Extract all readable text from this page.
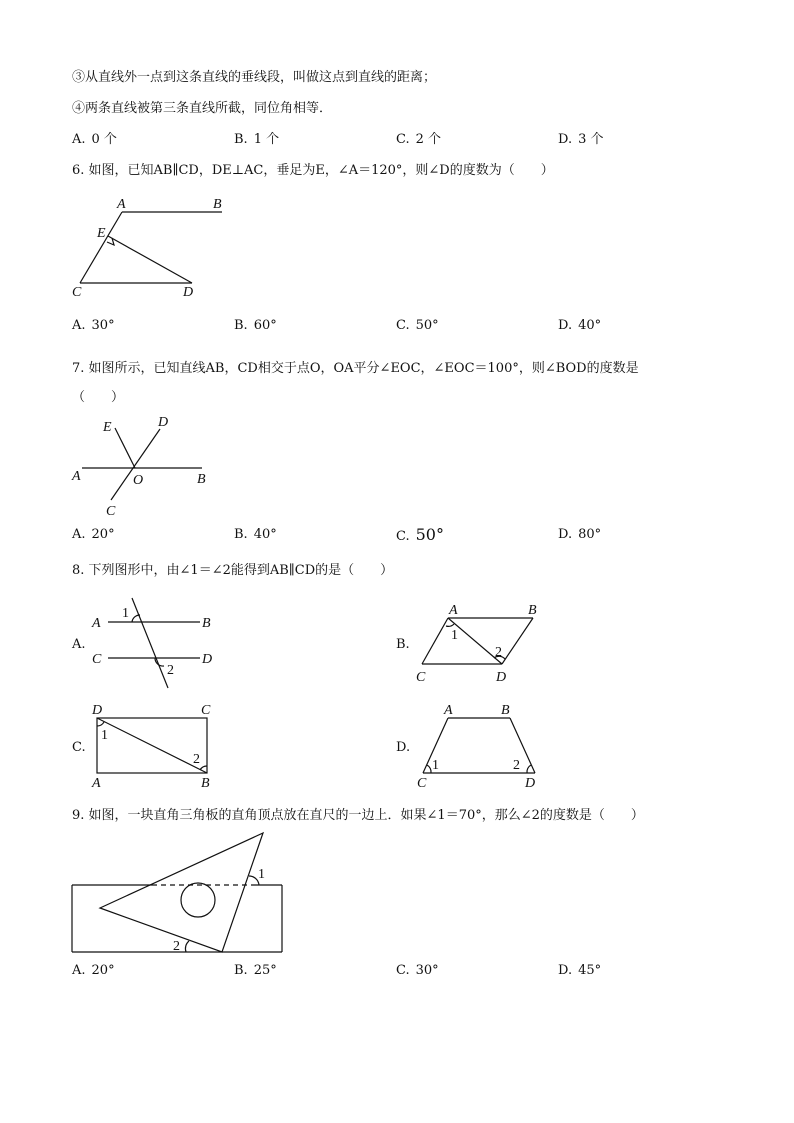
③从直线外一点到这条直线的垂线段，叫做这点到直线的距离；
④两条直线被第三条直线所截，同位角相等．
A. 0 个	B. 1 个	C. 2 个	D. 3 个
6. 如图，已知AB∥CD，DE⊥AC，垂足为E，∠A＝120°，则∠D的度数为（　　）
A	B
E
C	D
A. 30°	B. 60°	C. 50°	D. 40°
7. 如图所示，已知直线AB，CD相交于点O，OA平分∠EOC，∠EOC＝100°，则∠BOD的度数是
（　　）
E	D
A	O	B
C
A. 20°	B. 40°	C. 50°	D. 80°
8. 下列图形中，由∠1＝∠2能得到AB∥CD的是（　　）
A.
A	B
C	D
1
2
B.
A	B
C	D
1
2
C.
D	C
A	B
1
2
D.
A	B
C	D
1	2
9. 如图，一块直角三角板的直角顶点放在直尺的一边上．如果∠1＝70°，那么∠2的度数是（　　）
1
2
A. 20°	B. 25°	C. 30°	D. 45°
